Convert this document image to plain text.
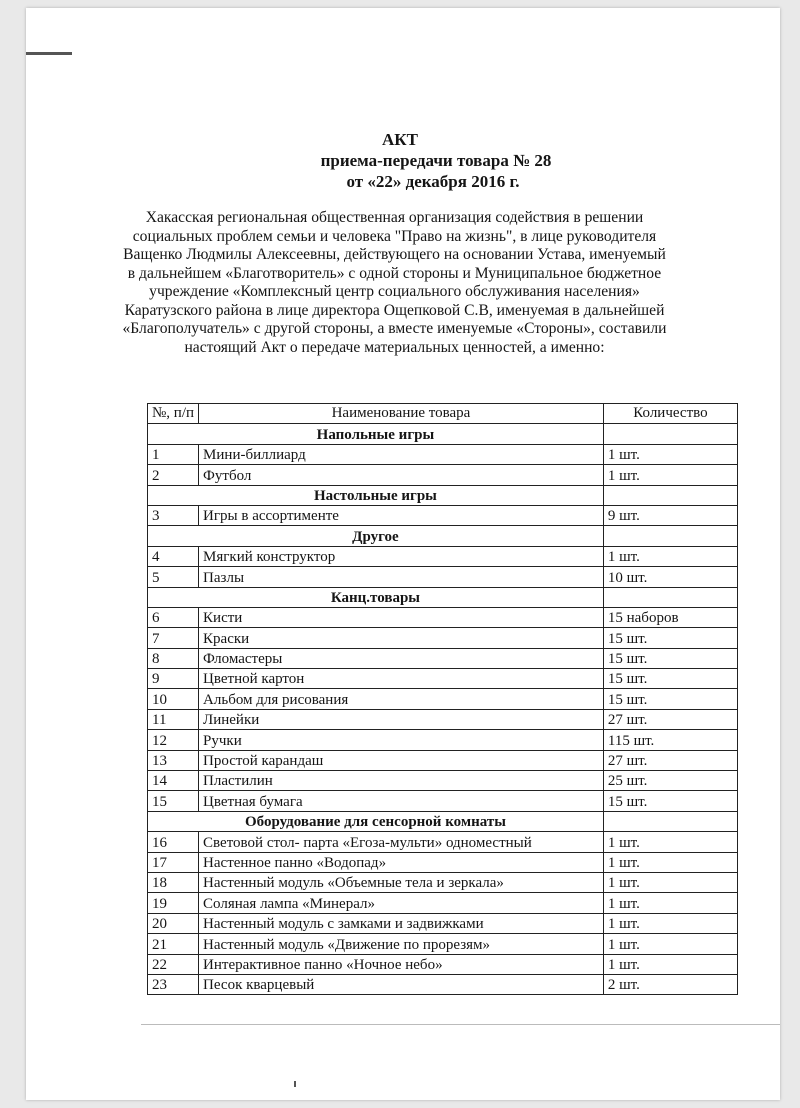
АКТ
приема-передачи товара № 28
от «22» декабря 2016 г.

Хакасская региональная общественная организация содействия в решении социальных проблем семьи и человека "Право на жизнь", в лице руководителя Ващенко Людмилы Алексеевны, действующего на основании Устава, именуемый в дальнейшем «Благотворитель» с одной стороны и Муниципальное бюджетное учреждение «Комплексный центр социального обслуживания населения» Каратузского района в лице директора Ощепковой С.В, именуемая в дальнейшей «Благополучатель» с другой стороны, а вместе именуемые «Стороны», составили настоящий Акт о передаче материальных ценностей, а именно:

№, п/п	Наименование товара	Количество
Напольные игры		
1	Мини-биллиард	1 шт.
2	Футбол	1 шт.
Настольные игры		
3	Игры в ассортименте	9 шт.
Другое		
4	Мягкий конструктор	1 шт.
5	Пазлы	10 шт.
Канц.товары		
6	Кисти	15 наборов
7	Краски	15 шт.
8	Фломастеры	15 шт.
9	Цветной картон	15 шт.
10	Альбом для рисования	15 шт.
11	Линейки	27 шт.
12	Ручки	115 шт.
13	Простой карандаш	27 шт.
14	Пластилин	25 шт.
15	Цветная бумага	15 шт.
Оборудование для сенсорной комнаты		
16	Световой стол- парта «Егоза-мульти» одноместный	1 шт.
17	Настенное панно «Водопад»	1 шт.
18	Настенный модуль «Объемные тела и зеркала»	1 шт.
19	Соляная лампа «Минерал»	1 шт.
20	Настенный модуль с замками и задвижками	1 шт.
21	Настенный модуль «Движение по прорезям»	1 шт.
22	Интерактивное панно «Ночное небо»	1 шт.
23	Песок кварцевый	2 шт.
